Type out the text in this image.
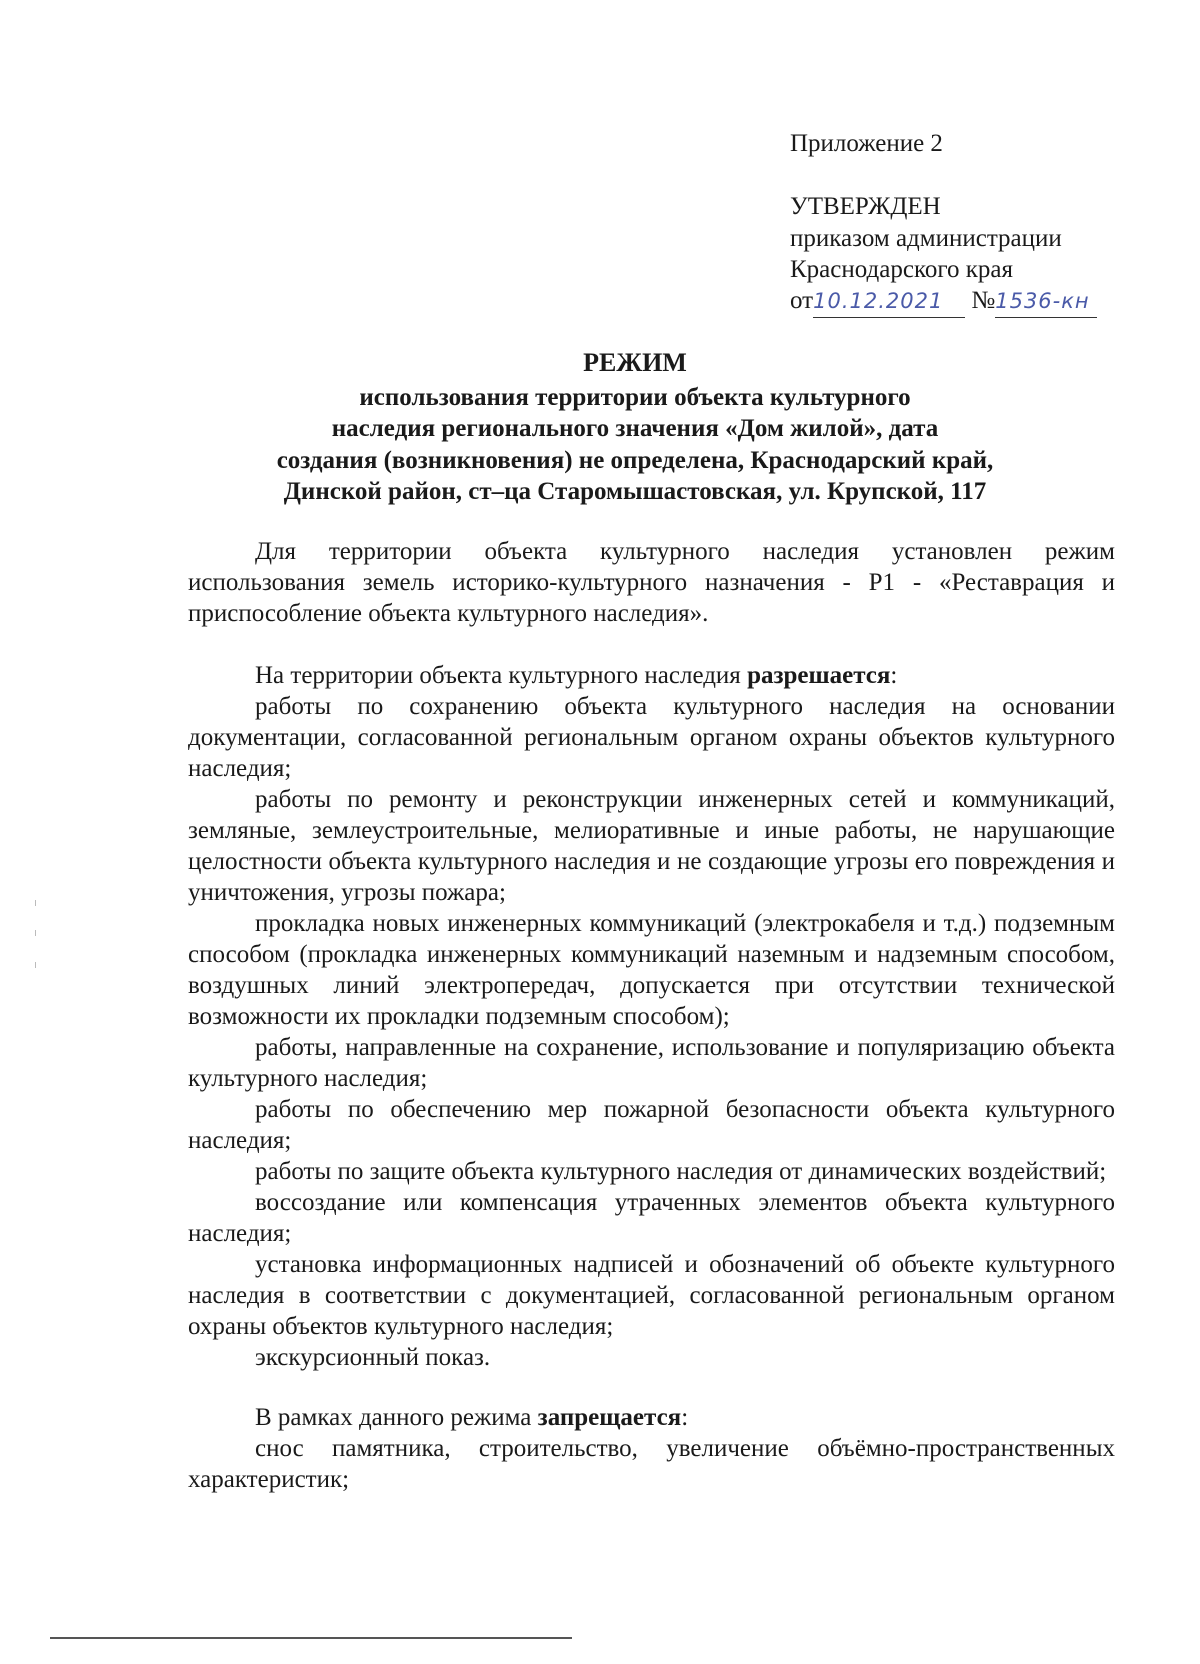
Приложение 2
УТВЕРЖДЕН
приказом администрации
Краснодарского края
от10.12.2021 №1536-кн
РЕЖИМ
использования территории объекта культурного
наследия регионального значения «Дом жилой», дата
создания (возникновения) не определена, Краснодарский край,
Динской район, ст–ца Старомышастовская, ул. Крупской, 117

Для территории объекта культурного наследия установлен режим использования земель историко-культурного назначения - Р1 - «Реставрация и приспособление объекта культурного наследия».

На территории объекта культурного наследия разрешается:

работы по сохранению объекта культурного наследия на основании документации, согласованной региональным органом охраны объектов культурного наследия;

работы по ремонту и реконструкции инженерных сетей и коммуникаций, земляные, землеустроительные, мелиоративные и иные работы, не нарушающие целостности объекта культурного наследия и не создающие угрозы его повреждения и уничтожения, угрозы пожара;

прокладка новых инженерных коммуникаций (электрокабеля и т.д.) подземным способом (прокладка инженерных коммуникаций наземным и надземным способом, воздушных линий электропередач, допускается при отсутствии технической возможности их прокладки подземным способом);

работы, направленные на сохранение, использование и популяризацию объекта культурного наследия;

работы по обеспечению мер пожарной безопасности объекта культурного наследия;

работы по защите объекта культурного наследия от динамических воздействий;

воссоздание или компенсация утраченных элементов объекта культурного наследия;

установка информационных надписей и обозначений об объекте культурного наследия в соответствии с документацией, согласованной региональным органом охраны объектов культурного наследия;

экскурсионный показ.

В рамках данного режима запрещается:

снос памятника, строительство, увеличение объёмно-пространственных характеристик;
